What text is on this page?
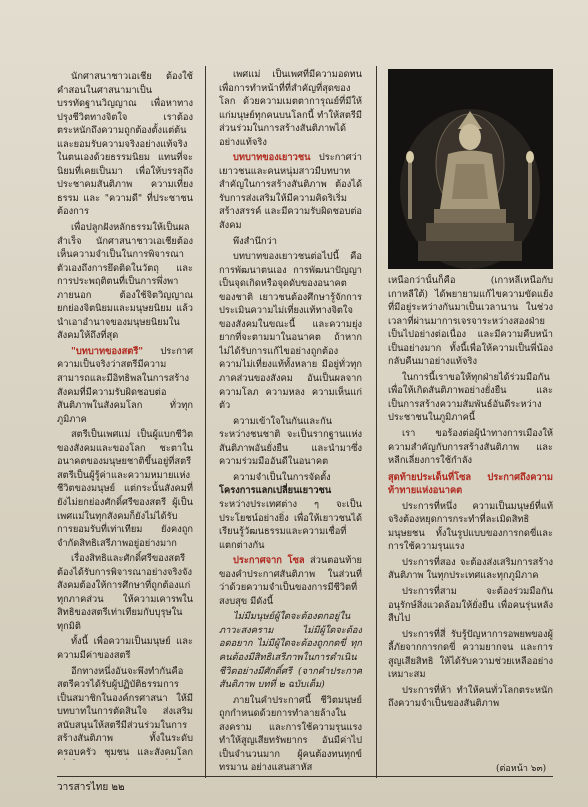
นักศาสนาชาวเอเชีย ต้องใช้คำสอนในศาสนามาเป็นบรรทัดฐานวิญญาณ เพื่อหาทางปรุงชีวิตทางจิตใจ เราต้องตระหนักถึงความถูกต้องตั้งแต่ต้นและยอมรับความจริงอย่างแท้จริงในตนเองด้วยธรรมนิยม แทนที่จะนิยมที่เคยเป็นมา เพื่อให้บรรลุถึงประชาคมสันติภาพ ความเที่ยงธรรม และ "ความดี" ที่ประชาชนต้องการ

เพื่อปลูกฝังหลักธรรมให้เป็นผลสำเร็จ นักศาสนาชาวเอเชียต้องเห็นความจำเป็นในการพิจารณาตัวเองถึงการยึดติดในวัตถุ และการประพฤติตนที่เป็นการพึ่งพาภายนอก ต้องใช้จิตวิญญาณ ยกย่องจิตนิยมและมนุษยนิยม แล้วนำเอาอำนาจของมนุษยนิยมในสังคมให้ถึงที่สุด

"บทบาทของสตรี" ประกาศความเป็นจริงว่าสตรีมีความสามารถและมีอิทธิพลในการสร้างสังคมที่มีความรับผิดชอบต่อสันติภาพในสังคมโลก ทั่วทุกภูมิภาค

สตรีเป็นเพศแม่ เป็นผู้แบกชีวิตของสังคมและของโลก ชะตาในอนาคตของมนุษยชาติขึ้นอยู่ที่สตรี สตรีเป็นผู้รู้ค่าและความหมายแห่งชีวิตของมนุษย์ แต่กระนั้นสังคมที่ยังไม่ยกย่องศักดิ์ศรีของสตรี ผู้เป็นเพศแม่ในทุกสังคมก็ยังไม่ได้รับการยอมรับที่เท่าเทียม ยังคงถูกจำกัดสิทธิเสรีภาพอยู่อย่างมาก

เรื่องสิทธิและศักดิ์ศรีของสตรีต้องได้รับการพิจารณาอย่างจริงจัง สังคมต้องให้การศึกษาที่ถูกต้องแก่ทุกภาคส่วน ให้ความเคารพในสิทธิของสตรีเท่าเทียมกับบุรุษในทุกมิติ

ทั้งนี้ เพื่อความเป็นมนุษย์ และความมีค่าของสตรี

อีกทางหนึ่งอันจะพึงทำกันคือ สตรีควรได้รับผู้ปฏิบัติธรรมการเป็นสมาชิกในองค์กรศาสนา ให้มีบทบาทในการตัดสินใจ ส่งเสริมสนับสนุนให้สตรีมีส่วนร่วมในการสร้างสันติภาพ ทั้งในระดับครอบครัว ชุมชน และสังคมโลก

เพศแม่ เป็นเพศที่มีความอดทนเพื่อการทำหน้าที่ที่สำคัญที่สุดของโลก ด้วยความเมตตาการุณย์ที่มีให้แก่มนุษย์ทุกคนบนโลกนี้ ทำให้สตรีมีส่วนร่วมในการสร้างสันติภาพได้อย่างแท้จริง

บทบาทของเยาวชน ประกาศว่าเยาวชนและคนหนุ่มสาวมีบทบาทสำคัญในการสร้างสันติภาพ ต้องได้รับการส่งเสริมให้มีความคิดริเริ่มสร้างสรรค์ และมีความรับผิดชอบต่อสังคม

พึงสำนึกว่า

บทบาทของเยาวชนต่อไปนี้ คือ การพัฒนาตนเอง การพัฒนาปัญญา เป็นจุดเกิดหรือจุดดับของอนาคตของชาติ เยาวชนต้องศึกษารู้จักการประเมินความไม่เที่ยงแท้ทางจิตใจของสังคมในขณะนี้ และความยุ่งยากที่จะตามมาในอนาคต ถ้าหากไม่ได้รับการแก้ไขอย่างถูกต้อง ความไม่เที่ยงแท้ทั้งหลาย มีอยู่ทั่วทุกภาคส่วนของสังคม อันเป็นผลจากความโลภ ความหลง ความเห็นแก่ตัว

ความเข้าใจในกันและกันระหว่างชนชาติ จะเป็นรากฐานแห่งสันติภาพอันยั่งยืน และนำมาซึ่งความร่วมมืออันดีในอนาคต

ความจำเป็นในการจัดตั้ง โครงการแลกเปลี่ยนเยาวชน ระหว่างประเทศต่าง ๆ จะเป็นประโยชน์อย่างยิ่ง เพื่อให้เยาวชนได้เรียนรู้วัฒนธรรมและความเชื่อที่แตกต่างกัน

ประกาศจาก โซล ส่วนตอนท้ายของคำประกาศสันติภาพ ในส่วนที่ว่าด้วยความจำเป็นของการมีชีวิตที่สงบสุข มีดังนี้

ไม่มีมนุษย์ผู้ใดจะต้องตกอยู่ในภาวะสงคราม ไม่มีผู้ใดจะต้องอดอยาก ไม่มีผู้ใดจะต้องถูกกดขี่ ทุกคนต้องมีสิทธิเสรีภาพในการดำเนินชีวิตอย่างมีศักดิ์ศรี (จากคำประกาศสันติภาพ บทที่ ๒ ฉบับเต็ม)

ภายในคำประกาศนี้ ชีวิตมนุษย์ถูกกำหนดด้วยการทำลายล้างในสงคราม และการใช้ความรุนแรง ทำให้สูญเสียทรัพยากร อันมีค่าไปเป็นจำนวนมาก ผู้คนต้องทนทุกข์ทรมาน อย่างแสนสาหัส

เหนือกว่านั้นก็คือ (เกาหลีเหนือกับเกาหลีใต้) ได้พยายามแก้ไขความขัดแย้งที่มีอยู่ระหว่างกันมาเป็นเวลานาน ในช่วงเวลาที่ผ่านมาการเจรจาระหว่างสองฝ่ายเป็นไปอย่างต่อเนื่อง และมีความคืบหน้าเป็นอย่างมาก ทั้งนี้เพื่อให้ความเป็นพี่น้องกลับคืนมาอย่างแท้จริง

ในการนี้เราขอให้ทุกฝ่ายได้ร่วมมือกันเพื่อให้เกิดสันติภาพอย่างยั่งยืน และเป็นการสร้างความสัมพันธ์อันดีระหว่างประชาชนในภูมิภาคนี้

เรา ขอร้องต่อผู้นำทางการเมืองให้ความสำคัญกับการสร้างสันติภาพ และหลีกเลี่ยงการใช้กำลัง

สุดท้ายประเด็นที่โซล ประกาศถึงความท้าทายแห่งอนาคต

ประการที่หนึ่ง ความเป็นมนุษย์ที่แท้จริงต้องหยุดการกระทำที่ละเมิดสิทธิมนุษยชน ทั้งในรูปแบบของการกดขี่และการใช้ความรุนแรง

ประการที่สอง จะต้องส่งเสริมการสร้างสันติภาพ ในทุกประเทศและทุกภูมิภาค

ประการที่สาม จะต้องร่วมมือกันอนุรักษ์สิ่งแวดล้อมให้ยั่งยืน เพื่อคนรุ่นหลังสืบไป

ประการที่สี่ รับรู้ปัญหาการอพยพของผู้ลี้ภัยจากการกดขี่ ความยากจน และการสูญเสียสิทธิ ให้ได้รับความช่วยเหลืออย่างเหมาะสม

ประการที่ห้า ทำให้คนทั่วโลกตระหนักถึงความจำเป็นของสันติภาพ

(ต่อหน้า ๖๓)
วารสารไทย ๒๒
